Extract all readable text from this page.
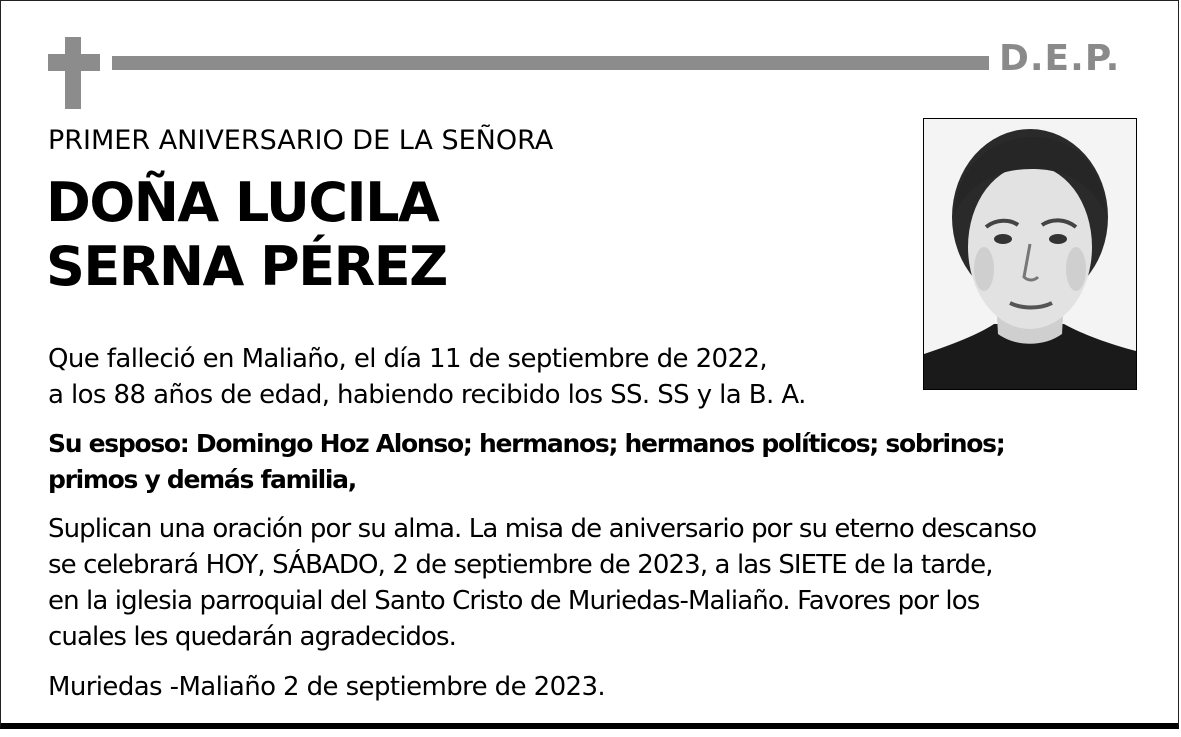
D.E.P.
PRIMER ANIVERSARIO DE LA SEÑORA
DOÑA LUCILA
SERNA PÉREZ
Que falleció en Maliaño, el día 11 de septiembre de 2022,
a los 88 años de edad, habiendo recibido los SS. SS y la B. A.
Su esposo: Domingo Hoz Alonso; hermanos; hermanos políticos; sobrinos;
primos y demás familia,
Suplican una oración por su alma. La misa de aniversario por su eterno descanso
se celebrará HOY, SÁBADO, 2 de septiembre de 2023, a las SIETE de la tarde,
en la iglesia parroquial del Santo Cristo de Muriedas-Maliaño. Favores por los
cuales les quedarán agradecidos.
Muriedas -Maliaño 2 de septiembre de 2023.
